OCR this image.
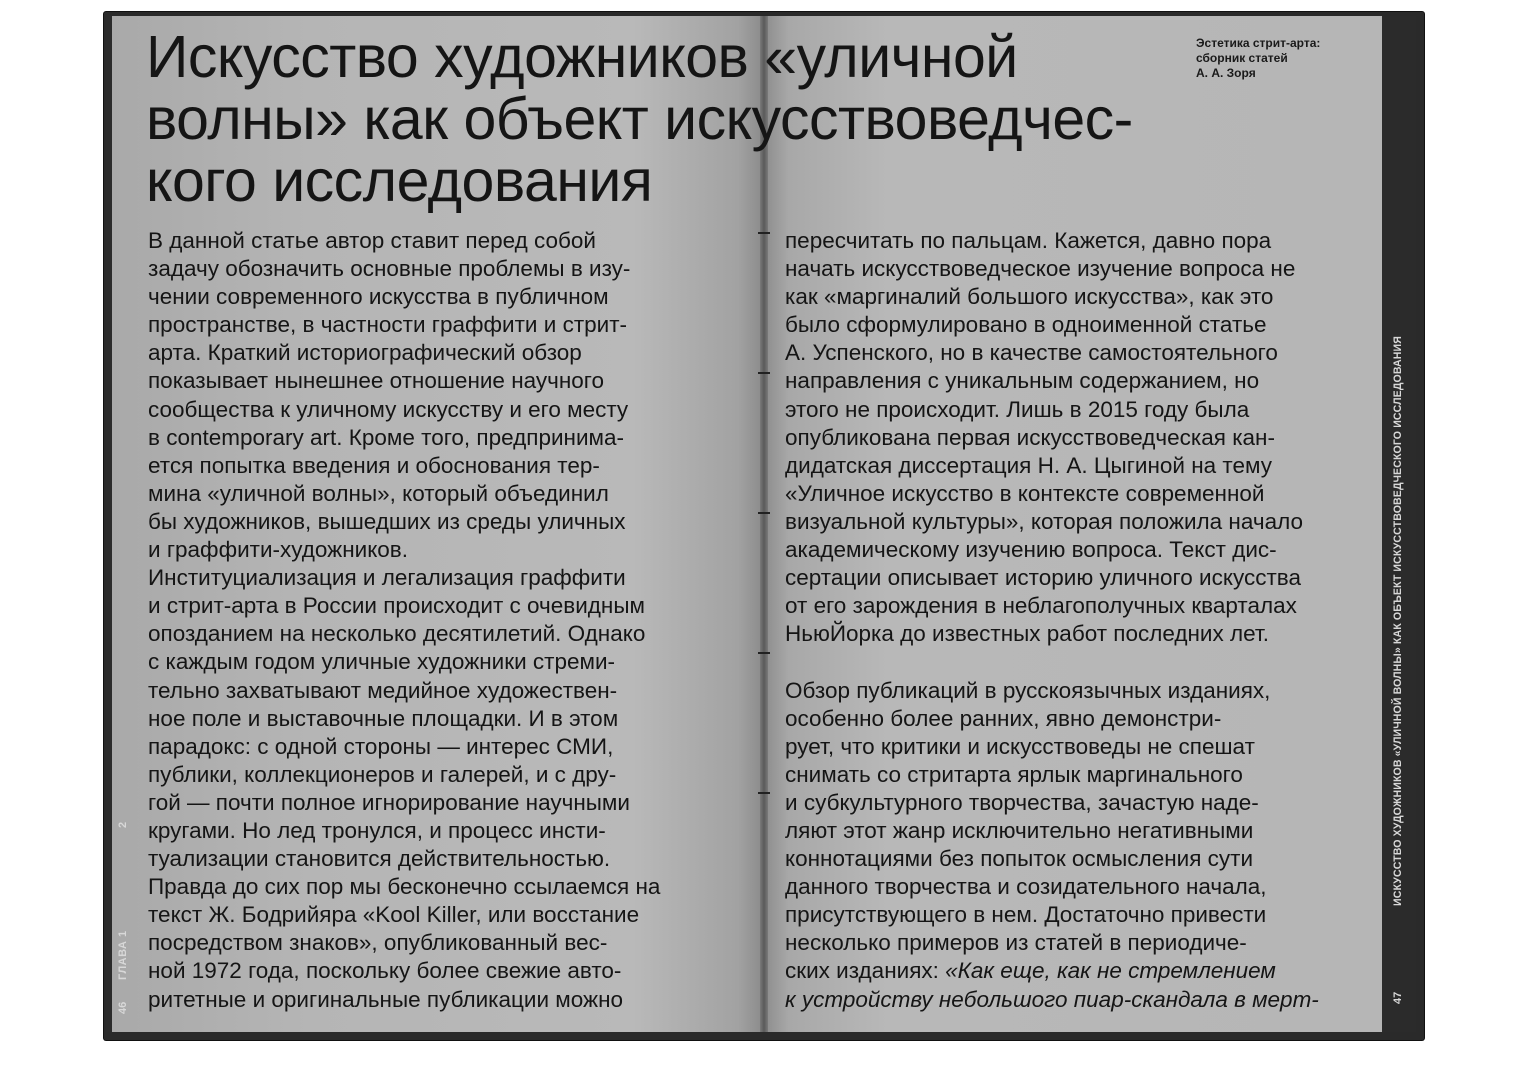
Искусство художников «уличной
волны» как объект искусствоведчес-
кого исследования
Эстетика стрит-арта:
сборник статей
А. А. Зоря
В данной статье автор ставит перед собой
задачу обозначить основные проблемы в изу-
чении современного искусства в публичном
пространстве, в частности граффити и стрит-
арта. Краткий историографический обзор
показывает нынешнее отношение научного
сообщества к уличному искусству и его месту
в contemporary art. Кроме того, предпринима-
ется попытка введения и обоснования тер-
мина «уличной волны», который объединил
бы художников, вышедших из среды уличных
и граффити-художников.
Институциализация и легализация граффити
и стрит-арта в России происходит с очевидным
опозданием на несколько десятилетий. Однако
с каждым годом уличные художники стреми-
тельно захватывают медийное художествен-
ное поле и выставочные площадки. И в этом
парадокс: с одной стороны — интерес СМИ,
публики, коллекционеров и галерей, и с дру-
гой — почти полное игнорирование научными
кругами. Но лед тронулся, и процесс инсти-
туализации становится действительностью.
Правда до сих пор мы бесконечно ссылаемся на
текст Ж. Бодрийяра «Kool Killer, или восстание
посредством знаков», опубликованный вес-
ной 1972 года, поскольку более свежие авто-
ритетные и оригинальные публикации можно
пересчитать по пальцам. Кажется, давно пора
начать искусствоведческое изучение вопроса не
как «маргиналий большого искусства», как это
было сформулировано в одноименной статье
А. Успенского, но в качестве самостоятельного
направления с уникальным содержанием, но
этого не происходит. Лишь в 2015 году была
опубликована первая искусствоведческая кан-
дидатская диссертация Н. А. Цыгиной на тему
«Уличное искусство в контексте современной
визуальной культуры», которая положила начало
академическому изучению вопроса. Текст дис-
сертации описывает историю уличного искусства
от его зарождения в неблагополучных кварталах
НьюЙорка до известных работ последних лет.
Обзор публикаций в русскоязычных изданиях,
особенно более ранних, явно демонстри-
рует, что критики и искусствоведы не спешат
снимать со стритарта ярлык маргинального
и субкультурного творчества, зачастую наде-
ляют этот жанр исключительно негативными
коннотациями без попыток осмысления сути
данного творчества и созидательного начала,
присутствующего в нем. Достаточно привести
несколько примеров из статей в периодиче-
ских изданиях: «Как еще, как не стремлением
к устройству небольшого пиар-скандала в мерт-
46
ГЛАВА 1
2	ИСКУССТВО ХУДОЖНИКОВ «УЛИЧНОЙ ВОЛНЫ» КАК ОБЪЕКТ ИСКУССТВОВЕДЧЕСКОГО ИССЛЕДОВАНИЯ
47
